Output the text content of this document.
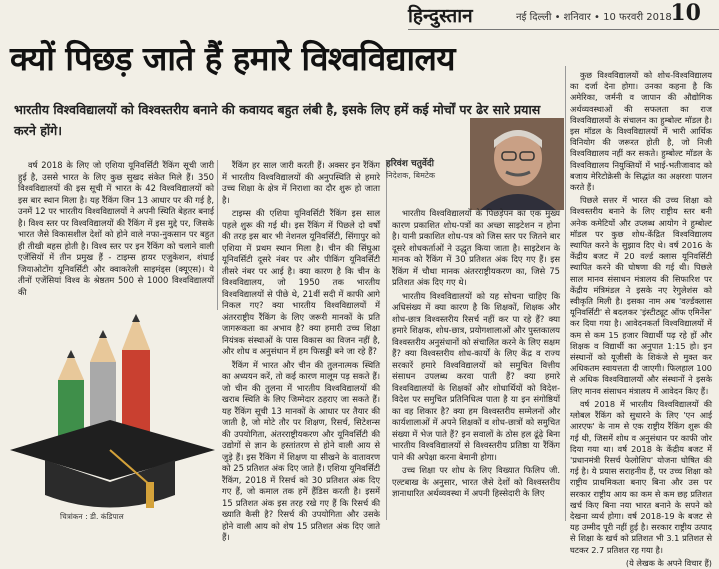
हिन्दुस्तान	नई दिल्ली • शनिवार • 10 फरवरी 2018 •
10
क्यों पिछड़ जाते हैं हमारे विश्वविद्यालय
भारतीय विश्वविद्यालयों को विश्वस्तरीय बनाने की कवायद बहुत लंबी है, इसके लिए हमें कई मोर्चों पर ढेर सारे प्रयास करने होंगे।

वर्ष 2018 के लिए जो एशिया यूनिवर्सिटी रैंकिंग सूची जारी हुई है, उससे भारत के लिए कुछ सुखद संकेत मिले हैं। 350 विश्वविद्यालयों की इस सूची में भारत के 42 विश्वविद्यालयों को इस बार स्थान मिला है। यह रैंकिंग जिन 13 आधार पर की गई है, उनमें 12 पर भारतीय विश्वविद्यालयों ने अपनी स्थिति बेहतर बनाई है। विश्व स्तर पर विश्वविद्यालयों की रैंकिंग में इस मुद्दे पर, जिसके भारत जैसे विकासशील देशों को होने वाले नफा-नुकसान पर बहुत ही तीखी बहस होती है। विश्व स्तर पर इन रैंकिंग को चलाने वाली एजेंसियों में तीन प्रमुख हैं - टाइम्स हायर एजुकेशन, शंघाई जियाओटोंग यूनिवर्सिटी और क्वाकरेली साइमंड्स (क्यूएस)। ये तीनों एजेंसियां विश्व के श्रेष्ठतम 500 से 1000 विश्वविद्यालयों की

रैंकिंग हर साल जारी करती हैं। अक्सर इन रैंकिंग में भारतीय विश्वविद्यालयों की अनुपस्थिति से हमारे उच्च शिक्षा के क्षेत्र में निराशा का दौर शुरू हो जाता है।

टाइम्स की एशिया यूनिवर्सिटी रैंकिंग इस साल पहले शुरू की गई थी। इस रैंकिंग में पिछले दो वर्षों की तरह इस बार भी नेशनल यूनिवर्सिटी, सिंगापुर को एशिया में प्रथम स्थान मिला है। चीन की सिंघुआ यूनिवर्सिटी दूसरे नंबर पर और पीकिंग यूनिवर्सिटी तीसरे नंबर पर आई है। क्या कारण है कि चीन के विश्वविद्यालय, जो 1950 तक भारतीय विश्वविद्यालयों से पीछे थे, 21वीं सदी में काफी आगे निकल गए? क्या भारतीय विश्वविद्यालयों में अंतरराष्ट्रीय रैंकिंग के लिए जरूरी मानकों के प्रति जागरूकता का अभाव है? क्या हमारी उच्च शिक्षा नियंत्रक संस्थाओं के पास विकास का विजन नहीं है, और शोध व अनुसंधान में हम फिसड्डी बने जा रहे हैं?

रैंकिंग में भारत और चीन की तुलनात्मक स्थिति का अध्ययन करें, तो कई कारण मालूम पड़ सकते हैं। जो चीन की तुलना में भारतीय विश्वविद्यालयों की खराब स्थिति के लिए जिम्मेदार ठहराए जा सकते हैं। यह रैंकिंग सूची 13 मानकों के आधार पर तैयार की जाती है, जो मोटे तौर पर शिक्षण, रिसर्च, सिटेशन्स की उपयोगिता, अंतरराष्ट्रीयकरण और यूनिवर्सिटी की उद्योगों से ज्ञान के हस्तांतरण से होने वाली आय से जुड़े हैं। इस रैंकिंग में शिक्षण या सीखने के वातावरण को 25 प्रतिशत अंक दिए जाते हैं। एशिया यूनिवर्सिटी रैंकिंग, 2018 में रिसर्च को 30 प्रतिशत अंक दिए गए हैं, जो कमाल तक हमें हैंडिस करती है। इसमें 15 प्रतिशत अंक इस तरह रखे गए हैं कि रिसर्च की ख्याति कैसी है? रिसर्च की उपयोगिता और उसके होने वाली आय को शेष 15 प्रतिशत अंक दिए जाते हैं।

हरिवंश चतुर्वेदी
निदेशक, बिमटेक

भारतीय विश्वविद्यालयों के पिछड़ेपन का एक मुख्य कारण प्रकाशित शोध-पत्रों का अच्छा साइटेशन न होना है। यानी प्रकाशित शोध-पत्र को जिस स्तर पर जितने बार दूसरे शोधकर्ताओं ने उद्धृत किया जाता है। साइटेशन के मानक को रैंकिंग में 30 प्रतिशत अंक दिए गए हैं। इस रैंकिंग में चौथा मानक अंतरराष्ट्रीयकरण का, जिसे 75 प्रतिशत अंक दिए गए थे।

भारतीय विश्वविद्यालयों को यह सोचना चाहिए कि अधिसंख्य में क्या कारण है कि शिक्षकों, शिक्षक और शोध-छात्र विश्वस्तरीय रिसर्च नहीं कर पा रहे हैं? क्या हमारे शिक्षक, शोध-छात्र, प्रयोगशालाओं और पुस्तकालय विश्वस्तरीय अनुसंधानों को संचालित करने के लिए सक्षम हैं? क्या विश्वस्तरीय शोध-कार्यों के लिए केंद्र व राज्य सरकारें हमारे विश्वविद्यालयों को समुचित वित्तीय संसाधन उपलब्ध करवा पाती हैं? क्या हमारे विश्वविद्यालयों के शिक्षकों और शोधार्थियों को विदेश-विदेश पर समुचित प्रतिनिधित्व पाता है या इन संगोष्ठियों का वह शिकार है? क्या हम विश्वस्तरीय सम्मेलनों और कार्यशालाओं में अपने शिक्षकों व शोध-छात्रों को समुचित संख्या में भेज पाते हैं? इन सवालों के ठोस हल ढूंढ़े बिना भारतीय विश्वविद्यालयों से विश्वस्तरीय प्रतिष्ठा या रैंकिंग पाने की अपेक्षा करना बेमानी होगा।

उच्च शिक्षा पर शोध के लिए विख्यात फिलिप जी. एल्टबाख के अनुसार, भारत जैसे देशों को विश्वस्तरीय ज्ञानाधारित अर्थव्यवस्था में अपनी हिस्सेदारी के लिए

कुछ विश्वविद्यालयों को शोध-विश्वविद्यालय का दर्जा देना होगा। उनका कहना है कि अमेरिका, जर्मनी व जापान की औद्योगिक अर्थव्यवस्थाओं की सफलता का राज विश्वविद्यालयों के संचालन का हुम्बोल्ट मॉडल है। इस मॉडल के विश्वविद्यालयों में भारी आर्थिक विनियोग की जरूरत होती है, जो निजी विश्वविद्यालय नहीं कर सकते। हुम्बोल्ट मॉडल के विश्वविद्यालय नियुक्तियों में भाई-भतीजावाद को बजाय मेरिटोक्रेसी के सिद्धांत का अक्षरशः पालन करते हैं।

पिछले सत्तर में भारत की उच्च शिक्षा को विश्वस्तरीय बनाने के लिए राष्ट्रीय स्तर बनी अनेक कमेटियों और उप्लब्ध आयोग ने हुम्बोल्ट मॉडल पर कुछ शोध-केंद्रित विश्वविद्यालय स्थापित करने के सुझाव दिए थे। वर्ष 2016 के केंद्रीय बजट में 20 वर्ल्ड क्लास यूनिवर्सिटी स्थापित करने की घोषणा की गई थी। पिछले साल मानव संसाधन मंत्रालय की सिफारिश पर केंद्रीय मंत्रिमंडल ने इसके नए रेगुलेशंस को स्वीकृति मिली है। इसका नाम अब 'वर्ल्डक्लास यूनिवर्सिटी' से बदलकर 'इंस्टीट्यूट ऑफ एमिनेंस' कर दिया गया है। आवेदनकर्ता विश्वविद्यालयों में कम से कम 15 हजार विद्यार्थी पढ़ रहे हों और शिक्षक व विद्यार्थी का अनुपात 1:15 हो। इन संस्थानों को यूजीसी के शिकंजे से मुक्त कर अधिकतम स्वायत्तता दी जाएगी। फिलहाल 100 से अधिक विश्वविद्यालयों और संस्थानों ने इसके लिए मानव संसाधन मंत्रालय में आवेदन किए हैं।

वर्ष 2018 में भारतीय विश्वविद्यालयों की ग्लोबल रैंकिंग को सुधारने के लिए 'एन आई आरएफ' के नाम से एक राष्ट्रीय रैंकिंग शुरू की गई थी, जिसमें शोध व अनुसंधान पर काफी जोर दिया गया था। वर्ष 2018 के केंद्रीय बजट में 'प्रधानमंत्री रिसर्च फेलोशिप' योजना घोषित की गई है। ये प्रयास सराहनीय हैं, पर उच्च शिक्षा को राष्ट्रीय प्राथमिकता बनाए बिना और उस पर सरकार राष्ट्रीय आय का कम से कम छह प्रतिशत खर्च किए बिना नया भारत बनाने के सपने को देखना व्यर्थ होगा। वर्ष 2018-19 के बजट से यह उम्मीद पूरी नहीं हुई है। सरकार राष्ट्रीय उत्पाद से शिक्षा के खर्च को प्रतिशत भी 3.1 प्रतिशत से घटकर 2.7 प्रतिशत रह गया है।

(ये लेखक के अपने विचार हैं)

चित्रांकन : डी. कंडिपाल
